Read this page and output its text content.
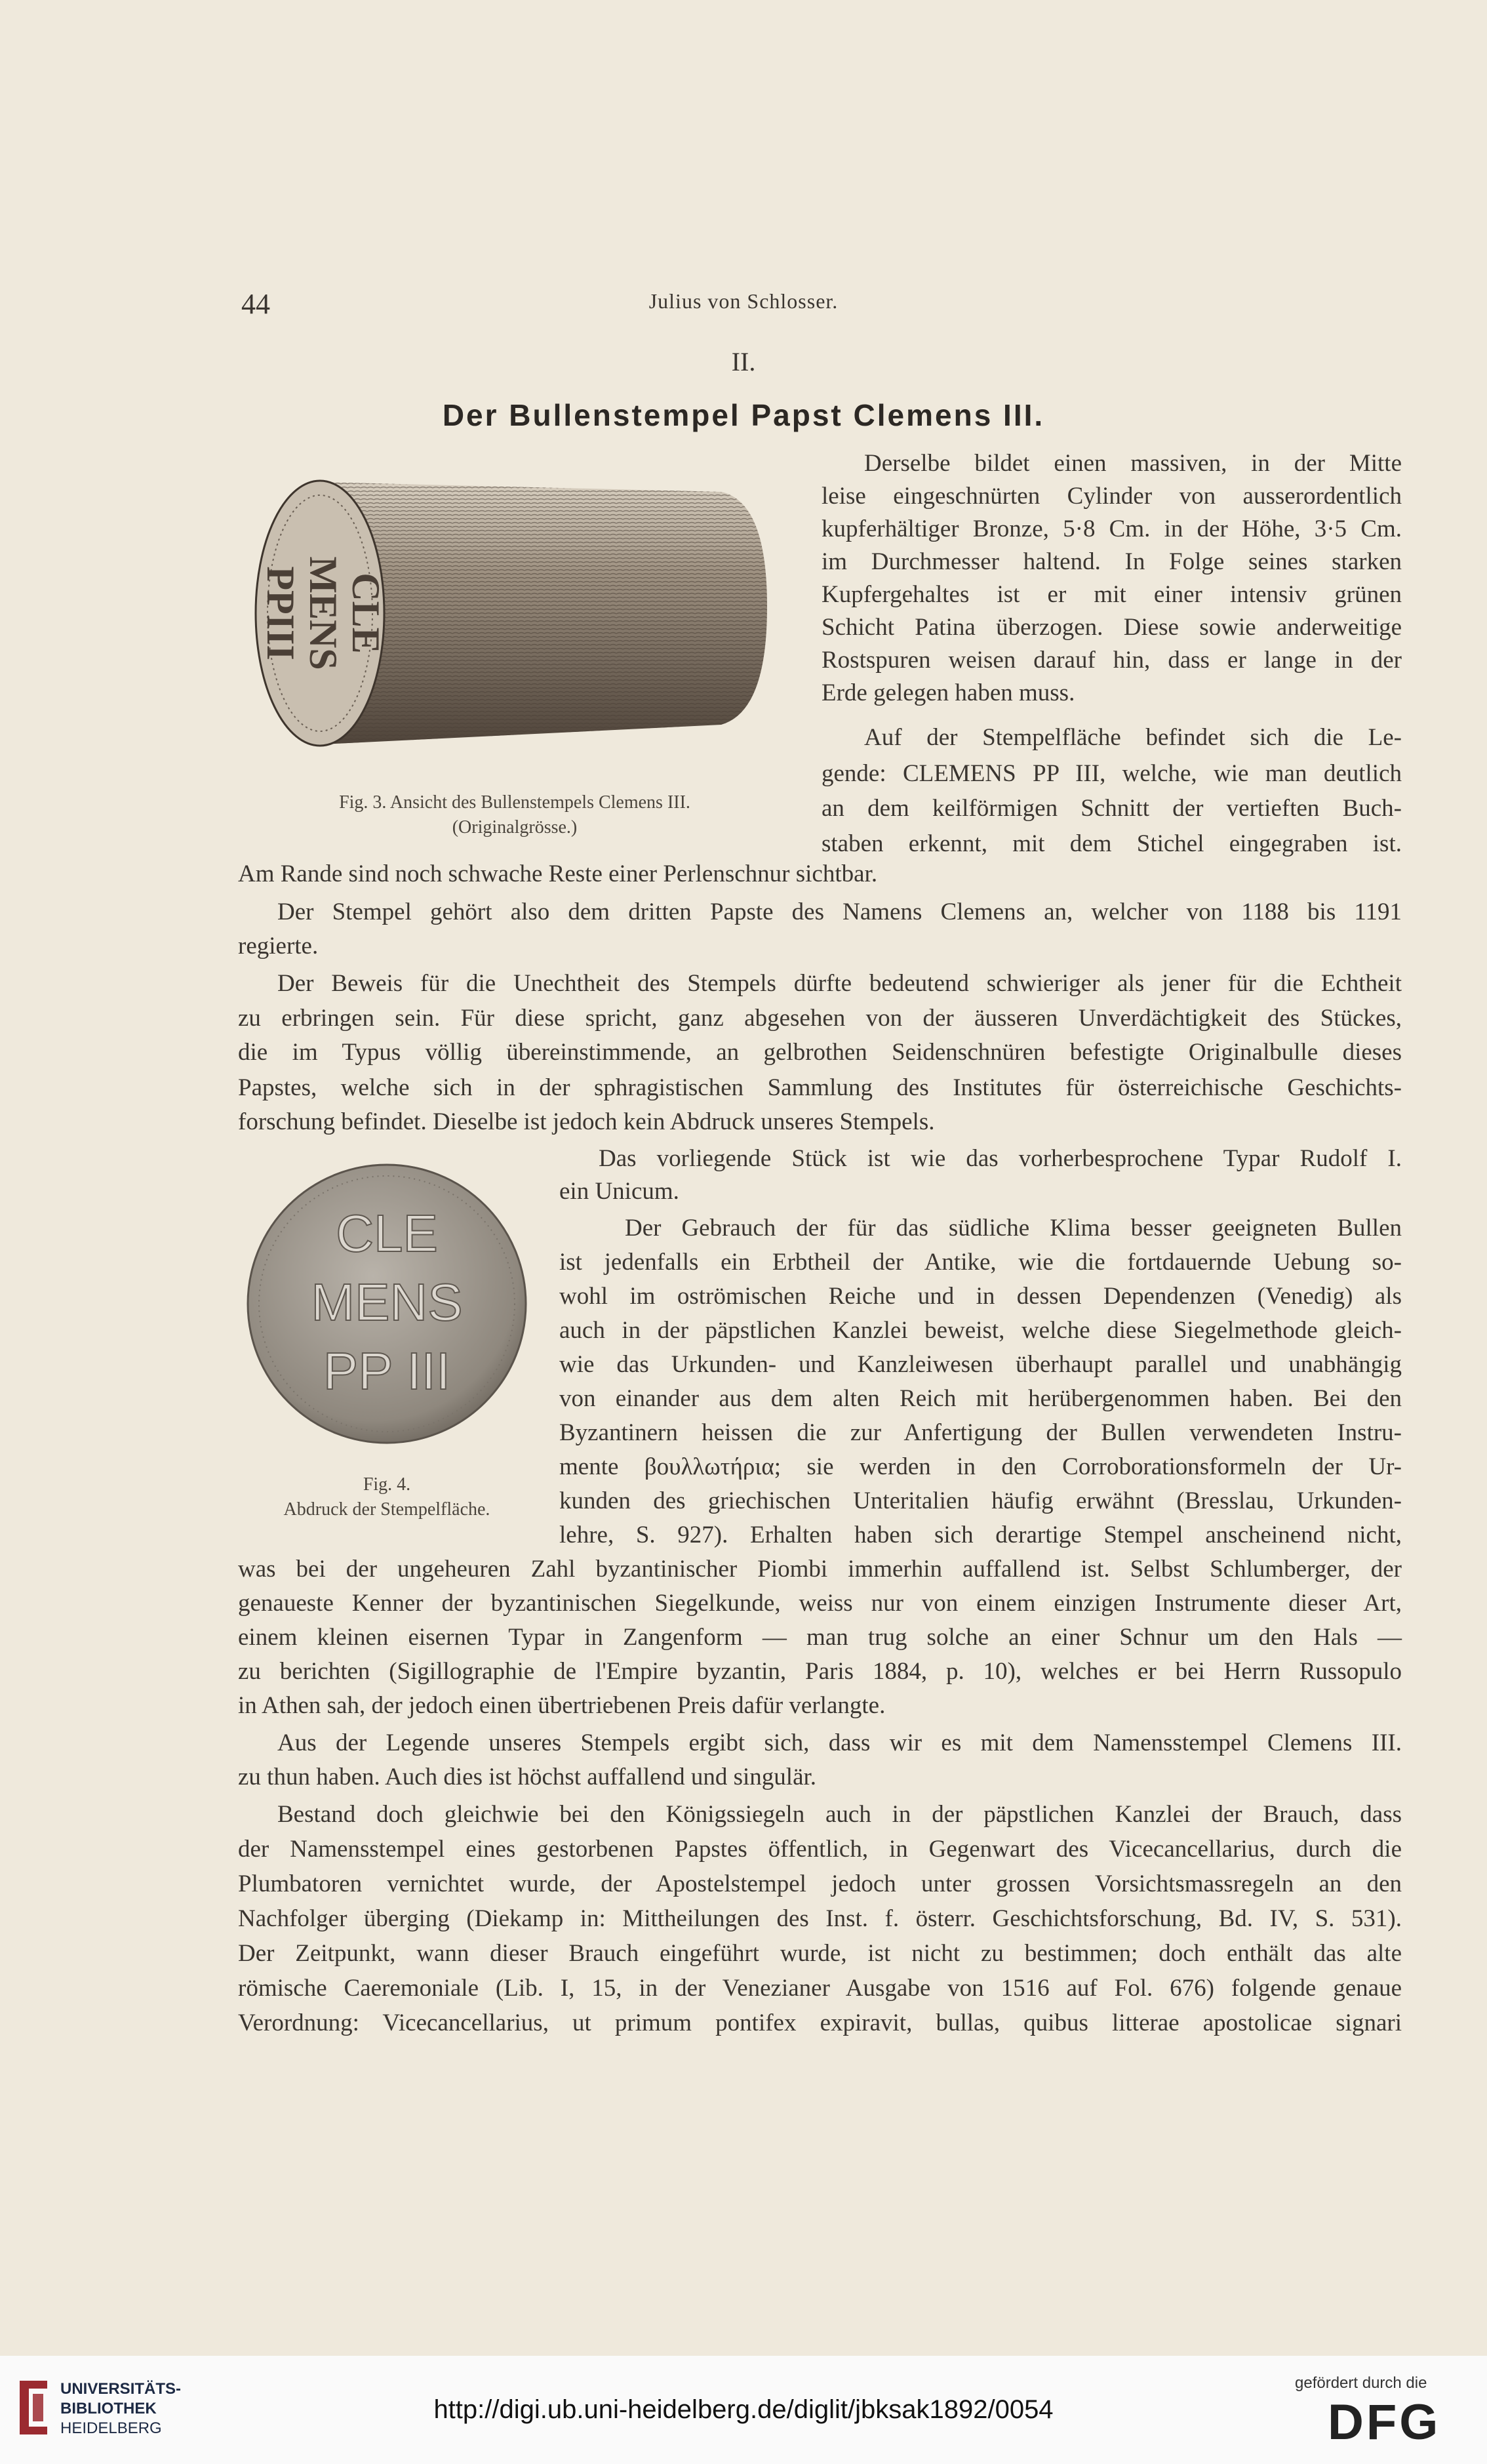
44	Julius von Schlosser.
II.
Der Bullenstempel Papst Clemens III.
CLE
MENS
PPIII
Fig. 3. Ansicht des Bullenstempels Clemens III.
(Originalgrösse.)
CLE
MENS
PP III
Fig. 4.
Abdruck der Stempelfläche.
Derselbe bildet einen massiven, in der Mitte
leise eingeschnürten Cylinder von ausserordentlich
kupferhältiger Bronze, 5·8 Cm. in der Höhe, 3·5 Cm.
im Durchmesser haltend. In Folge seines starken
Kupfergehaltes ist er mit einer intensiv grünen
Schicht Patina überzogen. Diese sowie anderweitige
Rostspuren weisen darauf hin, dass er lange in der
Erde gelegen haben muss.
Auf der Stempelfläche befindet sich die Le-
gende: CLEMENS PP III, welche, wie man deutlich
an dem keilförmigen Schnitt der vertieften Buch-
staben erkennt, mit dem Stichel eingegraben ist.
Am Rande sind noch schwache Reste einer Perlenschnur sichtbar.
Der Stempel gehört also dem dritten Papste des Namens Clemens an, welcher von 1188 bis 1191
regierte.
Der Beweis für die Unechtheit des Stempels dürfte bedeutend schwieriger als jener für die Echtheit
zu erbringen sein. Für diese spricht, ganz abgesehen von der äusseren Unverdächtigkeit des Stückes,
die im Typus völlig übereinstimmende, an gelbrothen Seidenschnüren befestigte Originalbulle dieses
Papstes, welche sich in der sphragistischen Sammlung des Institutes für österreichische Geschichts-
forschung befindet. Dieselbe ist jedoch kein Abdruck unseres Stempels.
Das vorliegende Stück ist wie das vorherbesprochene Typar Rudolf I.
ein Unicum.
Der Gebrauch der für das südliche Klima besser geeigneten Bullen
ist jedenfalls ein Erbtheil der Antike, wie die fortdauernde Uebung so-
wohl im oströmischen Reiche und in dessen Dependenzen (Venedig) als
auch in der päpstlichen Kanzlei beweist, welche diese Siegelmethode gleich-
wie das Urkunden- und Kanzleiwesen überhaupt parallel und unabhängig
von einander aus dem alten Reich mit herübergenommen haben. Bei den
Byzantinern heissen die zur Anfertigung der Bullen verwendeten Instru-
mente βουλλωτήρια; sie werden in den Corroborationsformeln der Ur-
kunden des griechischen Unteritalien häufig erwähnt (Bresslau, Urkunden-
lehre, S. 927). Erhalten haben sich derartige Stempel anscheinend nicht,
was bei der ungeheuren Zahl byzantinischer Piombi immerhin auffallend ist. Selbst Schlumberger, der
genaueste Kenner der byzantinischen Siegelkunde, weiss nur von einem einzigen Instrumente dieser Art,
einem kleinen eisernen Typar in Zangenform — man trug solche an einer Schnur um den Hals —
zu berichten (Sigillographie de l'Empire byzantin, Paris 1884, p. 10), welches er bei Herrn Russopulo
in Athen sah, der jedoch einen übertriebenen Preis dafür verlangte.
Aus der Legende unseres Stempels ergibt sich, dass wir es mit dem Namensstempel Clemens III.
zu thun haben. Auch dies ist höchst auffallend und singulär.
Bestand doch gleichwie bei den Königssiegeln auch in der päpstlichen Kanzlei der Brauch, dass
der Namensstempel eines gestorbenen Papstes öffentlich, in Gegenwart des Vicecancellarius, durch die
Plumbatoren vernichtet wurde, der Apostelstempel jedoch unter grossen Vorsichtsmassregeln an den
Nachfolger überging (Diekamp in: Mittheilungen des Inst. f. österr. Geschichtsforschung, Bd. IV, S. 531).
Der Zeitpunkt, wann dieser Brauch eingeführt wurde, ist nicht zu bestimmen; doch enthält das alte
römische Caeremoniale (Lib. I, 15, in der Venezianer Ausgabe von 1516 auf Fol. 676) folgende genaue
Verordnung: Vicecancellarius, ut primum pontifex expiravit, bullas, quibus litterae apostolicae signari
UNIVERSITÄTS-
BIBLIOTHEK
HEIDELBERG
http://digi.ub.uni-heidelberg.de/diglit/jbksak1892/0054
gefördert durch die
DFG
